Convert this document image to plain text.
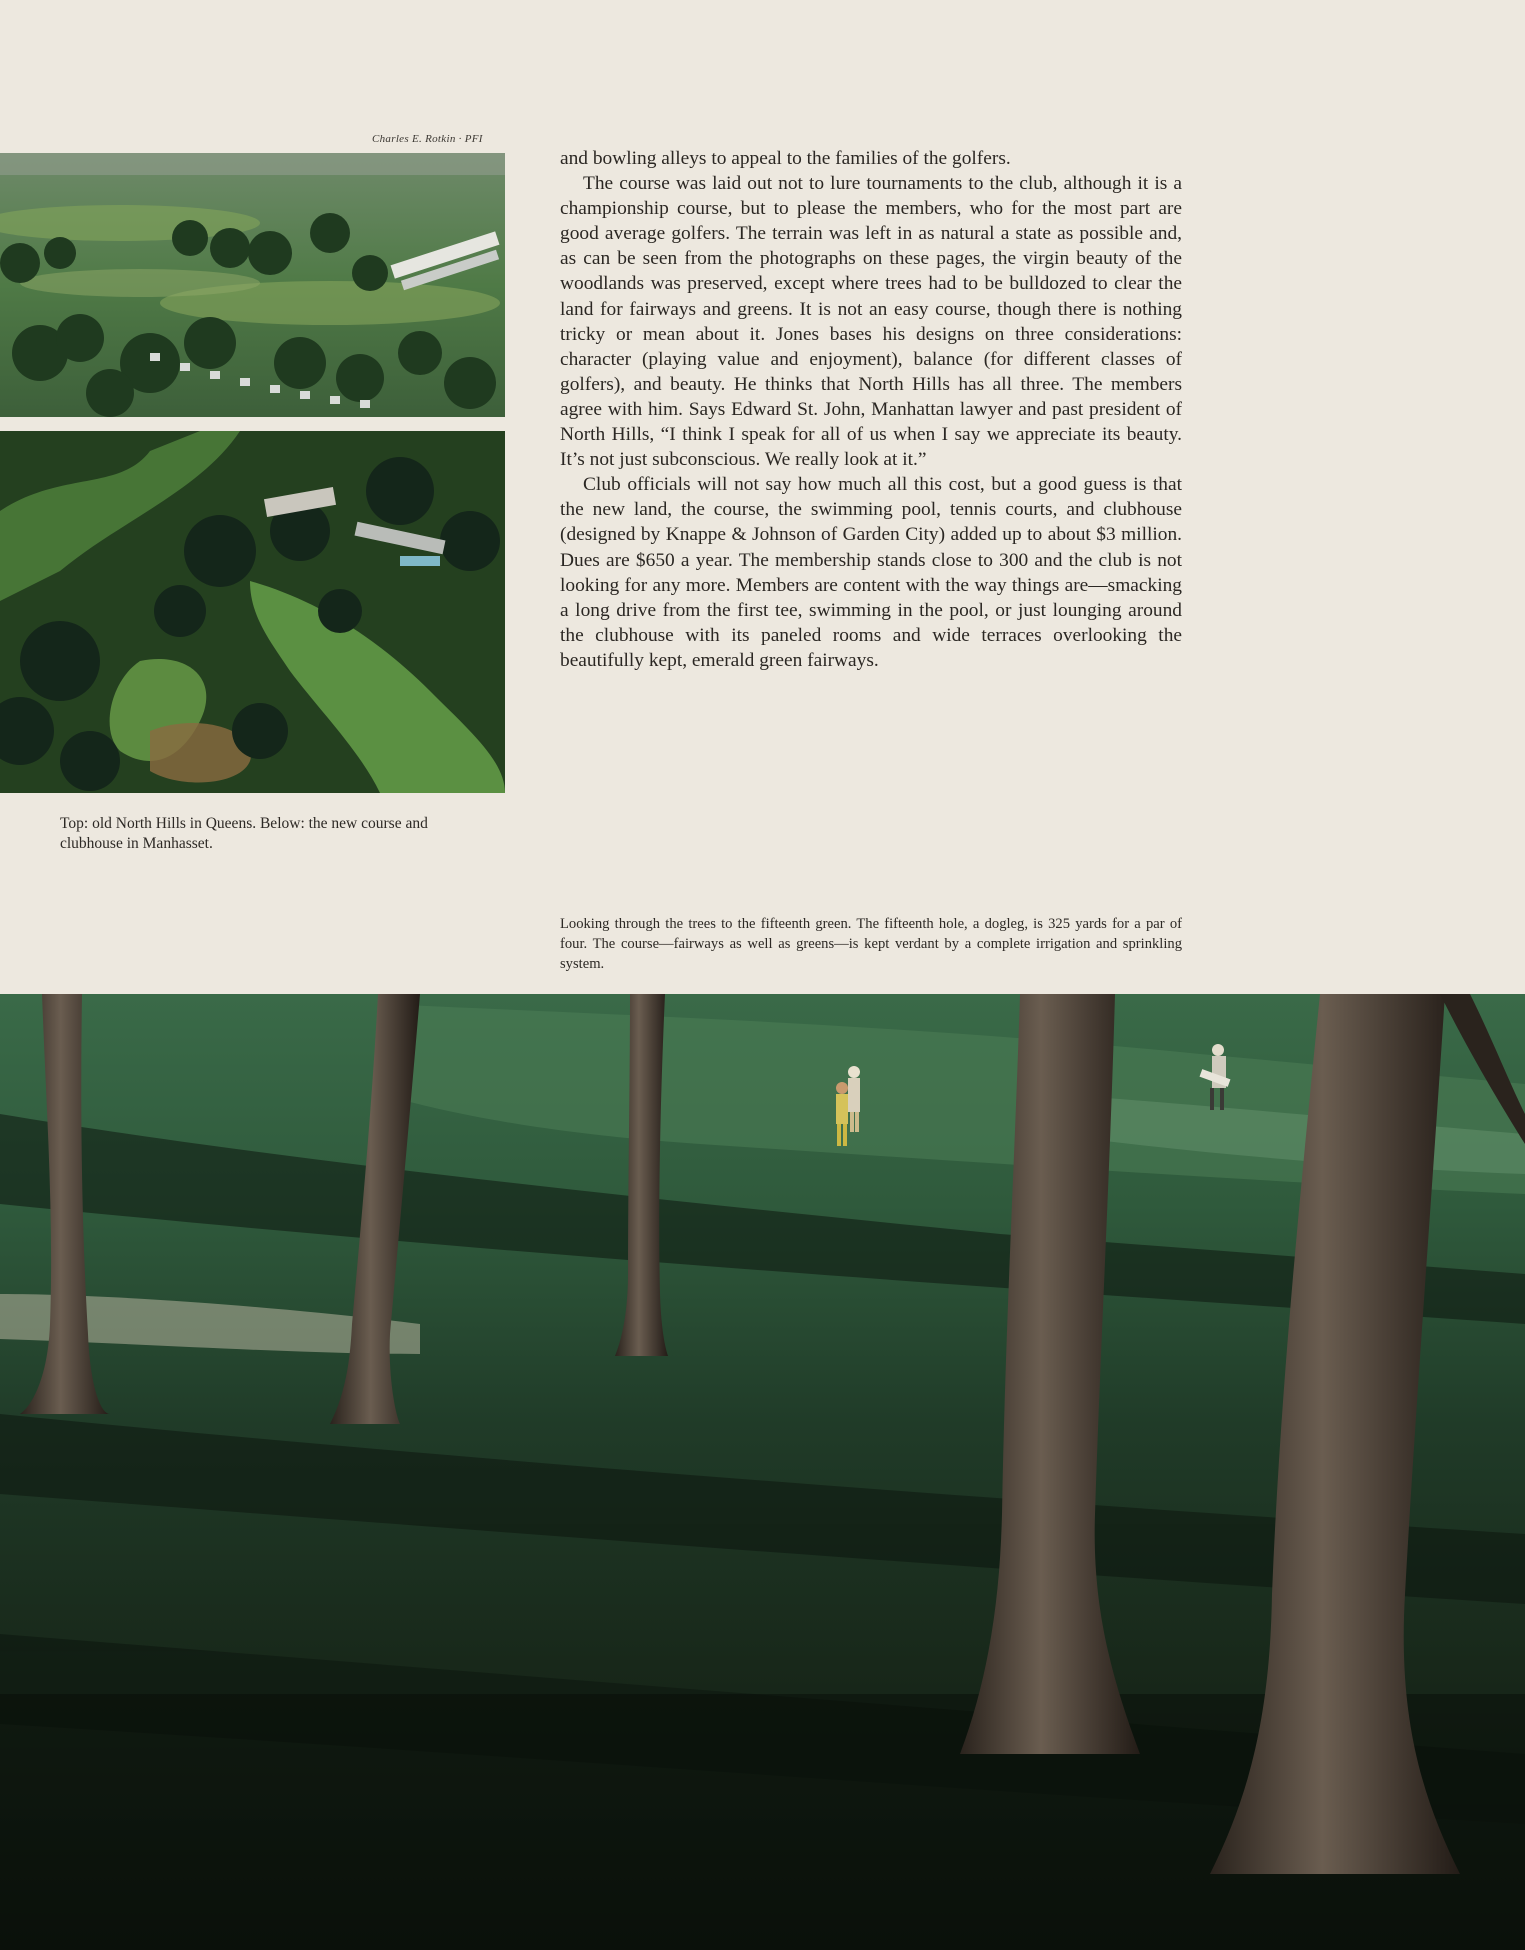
Charles E. Rotkin · PFI

and bowling alleys to appeal to the families of the golfers.

The course was laid out not to lure tournaments to the club, although it is a championship course, but to please the members, who for the most part are good average golfers. The terrain was left in as natural a state as possible and, as can be seen from the photographs on these pages, the virgin beauty of the woodlands was preserved, except where trees had to be bulldozed to clear the land for fairways and greens. It is not an easy course, though there is nothing tricky or mean about it. Jones bases his designs on three considerations: character (playing value and enjoyment), balance (for different classes of golfers), and beauty. He thinks that North Hills has all three. The members agree with him. Says Edward St. John, Manhattan lawyer and past president of North Hills, “I think I speak for all of us when I say we appreciate its beauty. It’s not just subconscious. We really look at it.”

Club officials will not say how much all this cost, but a good guess is that the new land, the course, the swimming pool, tennis courts, and clubhouse (designed by Knappe & Johnson of Garden City) added up to about $3 million. Dues are $650 a year. The membership stands close to 300 and the club is not looking for any more. Members are content with the way things are—smacking a long drive from the first tee, swimming in the pool, or just lounging around the clubhouse with its paneled rooms and wide terraces overlooking the beautifully kept, emerald green fairways.

Top: old North Hills in Queens. Below: the new course and clubhouse in Manhasset.
Looking through the trees to the fifteenth green. The fifteenth hole, a dogleg, is 325 yards for a par of four. The course—fairways as well as greens—is kept verdant by a complete irrigation and sprinkling system.
